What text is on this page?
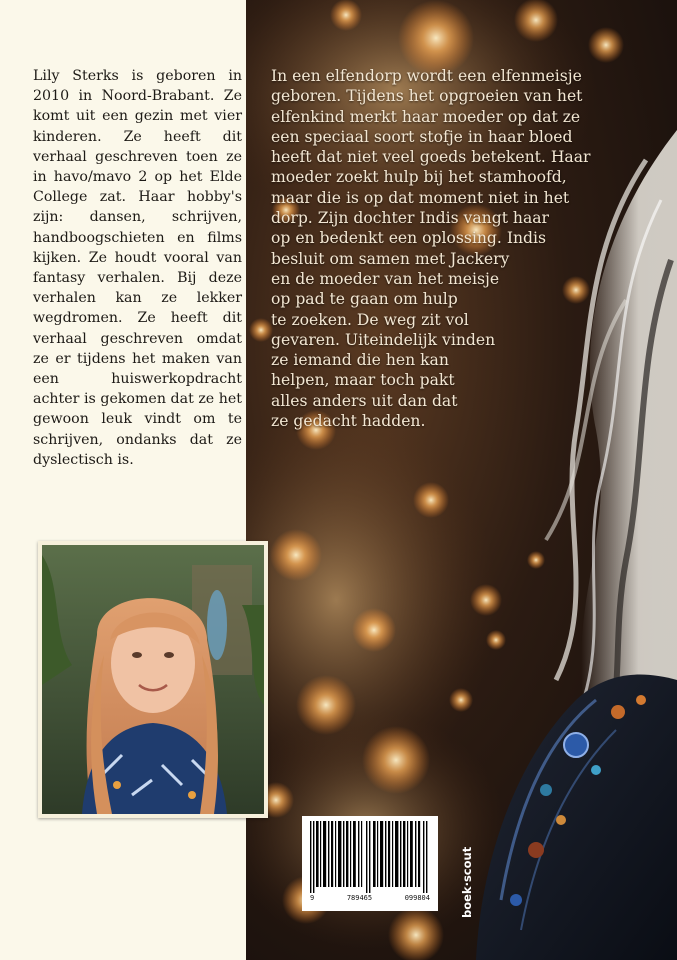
Lily Sterks is geboren in 2010 in Noord-Brabant. Ze komt uit een gezin met vier kinderen. Ze heeft dit verhaal geschreven toen ze in havo/mavo 2 op het Elde College zat. Haar hobby's zijn: dansen, schrijven, handboogschieten en films kijken. Ze houdt vooral van fantasy verhalen. Bij deze verhalen kan ze lekker wegdromen. Ze heeft dit verhaal geschreven omdat ze er tijdens het maken van een huiswerkopdracht achter is gekomen dat ze het gewoon leuk vindt om te schrijven, ondanks dat ze dyslectisch is.

In een elfendorp wordt een elfenmeisje
geboren. Tijdens het opgroeien van het
elfenkind merkt haar moeder op dat ze
een speciaal soort stofje in haar bloed
heeft dat niet veel goeds betekent. Haar
moeder zoekt hulp bij het stamhoofd,
maar die is op dat moment niet in het
dorp. Zijn dochter Indis vangt haar
op en bedenkt een oplossing. Indis
besluit om samen met Jackery
en de moeder van het meisje
op pad te gaan om hulp
te zoeken. De weg zit vol
gevaren. Uiteindelijk vinden
ze iemand die hen kan
helpen, maar toch pakt
alles anders uit dan dat
ze gedacht hadden.

9	789465	099804
